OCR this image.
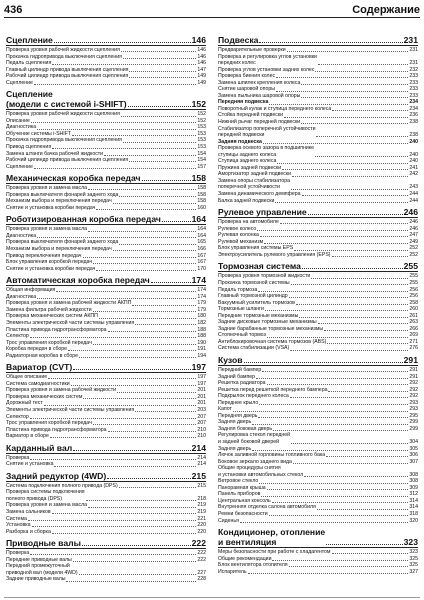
436	Содержание
Сцепление	146
Проверка уровня рабочей жидкости сцепления	146
Прокачка гидропривода выключения сцепления	146
Педаль сцепления	146
Главный цилиндр привода выключения сцепления	147
Рабочий цилиндр привода выключения сцепления	149
Сцепление	149
Сцепление
(модели с системой i-SHIFT)	152
Проверка уровня рабочей жидкости сцепления	152
Описание	152
Диагностика	153
Обучение системы i-SHIFT	153
Прокачка гидропривода выключения сцепления	153
Привод сцепления	153
Замена штанги бачка рабочей жидкости	154
Рабочий цилиндр привода выключения сцепления	154
Сцепление	157
Механическая коробка передач	158
Проверка уровня и замена масла	158
Проверка выключателя фонарей заднего хода	158
Механизм выбора и переключения передач	158
Снятие и установка коробки передач	160
Роботизированная коробка передач	164
Проверка уровня и замена масла	164
Диагностика	164
Проверка выключателя фонарей заднего хода	165
Механизм выбора и переключения передач	166
Привод переключения передач	167
Блок управления коробкой передач	167
Снятие и установка коробки передач	170
Автоматическая коробка передач	174
Общая информация	174
Диагностика	174
Проверка уровня и замена рабочей жидкости АКПП	179
Замена фильтра рабочей жидкости	179
Проверка механических систем АКПП	180
Элементы электрической части системы управления	182
Пластина привода гидротрансформатора	188
Селектор	188
Трос управления коробкой передач	190
Коробка передач в сборе	191
Радиаторная коробка в сборе	194
Вариатор (CVT)	197
Общее описание	197
Система самодиагностики	197
Проверка уровня и замена рабочей жидкости	201
Проверка механических систем	201
Дорожный тест	201
Элементы электрической части системы управления	203
Селектор	207
Трос управления коробкой передач	207
Пластина привода гидротрансформатора	210
Вариатор в сборе	210
Карданный вал	214
Проверка	214
Снятие и установка	214
Задний редуктор (4WD)	215
Система подключения полного привода (DPS)	215
Проверка системы подключения
полного привода (DPS)	218
Проверка уровня и замена масла	219
Замена сальников	219
Система	221
Установка	220
Разборка и сборка	220
Приводные валы	222
Проверка	222
Передние приводные валы	222
Передний промежуточный
приводной вал (модели 4WD)	227
Задние приводные валы	228
Подвеска	231
Предварительные проверки	231
Проверка и регулировка углов установки
передних колес	231
Проверка углов установки задних колес	232
Проверка биения колес	233
Замена шпилек крепления колеса	233
Снятие шаровой опоры	233
Замена пыльника шаровой опоры	233
Передняя подвеска	234
Поворотный кулак и ступица переднего колеса	234
Стойка передней подвески	236
Нижний рычаг передней подвески	238
Стабилизатор поперечной устойчивости
передней подвески	238
Задняя подвеска	240
Проверка осевого зазора в подшипнике
ступицы заднего колеса	240
Ступица заднего колеса	240
Пружина задней подвески	241
Амортизатор задней подвески	242
Замена опоры стабилизатора
поперечной устойчивости	243
Замена динамического демпфера	244
Балка задней подвески	244
Рулевое управление	246
Проверка на автомобиле	246
Рулевое колесо	246
Рулевая колонка	247
Рулевой механизм	249
Блок управления системы EPS	252
Электроусилитель рулевого управления (EPS)	252
Тормозная система	255
Проверка уровня тормозной жидкости	255
Прокачка тормозной системы	255
Педаль тормоза	256
Главный тормозной цилиндр	256
Вакуумный усилитель тормозов	258
Тормозные шланги	260
Передние тормозные механизмы	261
Задние дисковые тормозные механизмы	263
Задние барабанные тормозные механизмы	266
Стояночный тормоз	269
Антиблокировочная система тормозов (ABS)	271
Система стабилизации (VSA)	276
Кузов	291
Передний бампер	291
Задний бампер	291
Решетка радиатора	292
Решетка перед решеткой переднего бампера	292
Подкрылок переднего колеса	292
Переднее крыло	293
Капот	293
Передняя дверь	295
Задняя дверь	299
Задняя боковая дверь	299
Регулировка стекол передней
и задней боковой дверей	304
Задняя дверь	305
Лючок заливной горловины топливного бака	306
Боковое зеркало заднего вида	307
Общие процедуры снятия
и установки автомобильных стекол	308
Ветровое стекло	308
Панорамная крыша	309
Панель приборов	312
Центральная консоль	314
Внутренняя отделка салона автомобиля	314
Ремни безопасности	318
Сиденья	320
Кондиционер, отопление
и вентиляция	323
Меры безопасности при работе с хладагентом	323
Общие рекомендации	325
Блок вентилятора отопителя	325
Испаритель	327
